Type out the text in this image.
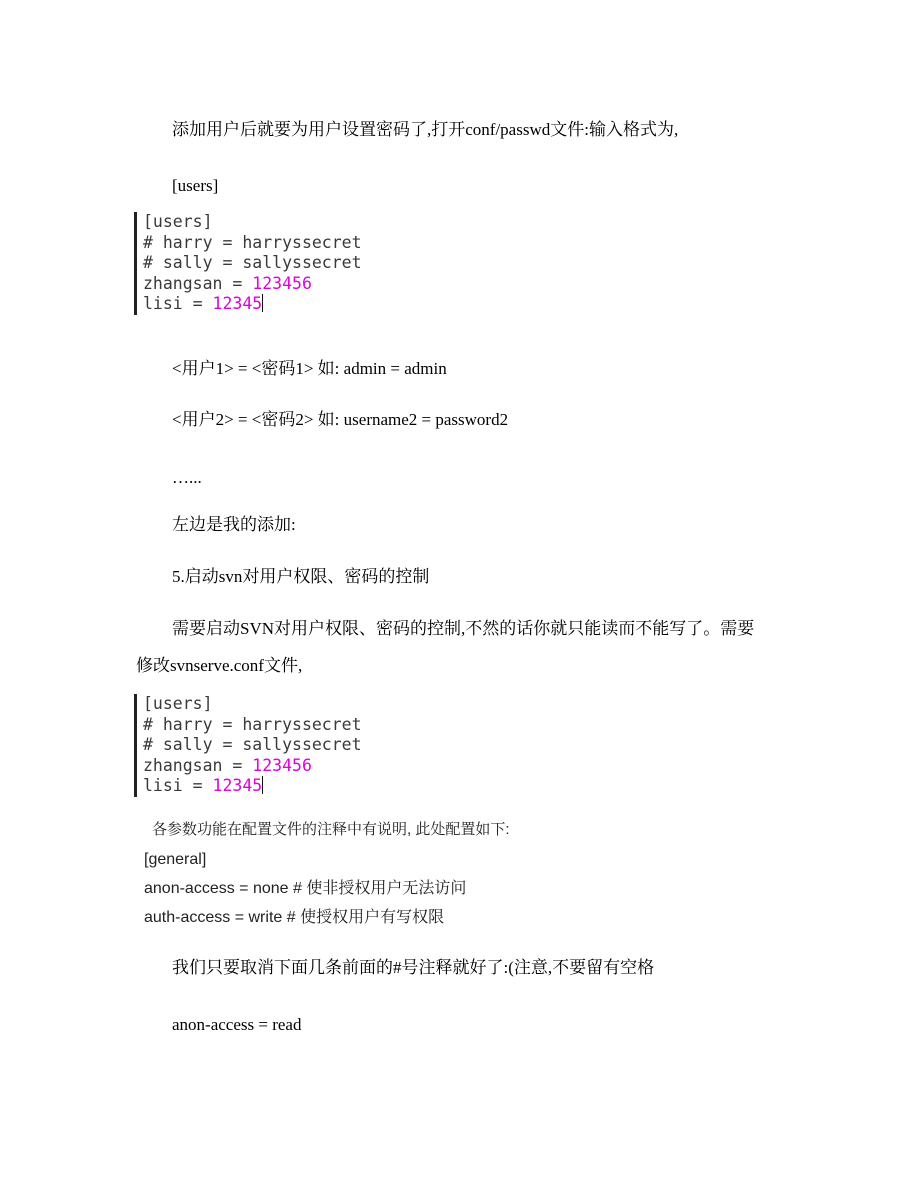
添加用户后就要为用户设置密码了,打开conf/passwd文件:输入格式为,
[users]
[users]
# harry = harryssecret
# sally = sallyssecret
zhangsan = 123456
lisi = 12345
<用户1> = <密码1> 如: admin = admin
<用户2> = <密码2> 如: username2 = password2
…...
左边是我的添加:
5.启动svn对用户权限、密码的控制
需要启动SVN对用户权限、密码的控制,不然的话你就只能读而不能写了。需要
修改svnserve.conf文件,
[users]
# harry = harryssecret
# sally = sallyssecret
zhangsan = 123456
lisi = 12345
各参数功能在配置文件的注释中有说明, 此处配置如下:
[general]
anon-access = none # 使非授权用户无法访问
auth-access = write # 使授权用户有写权限
我们只要取消下面几条前面的#号注释就好了:(注意,不要留有空格
anon-access = read
